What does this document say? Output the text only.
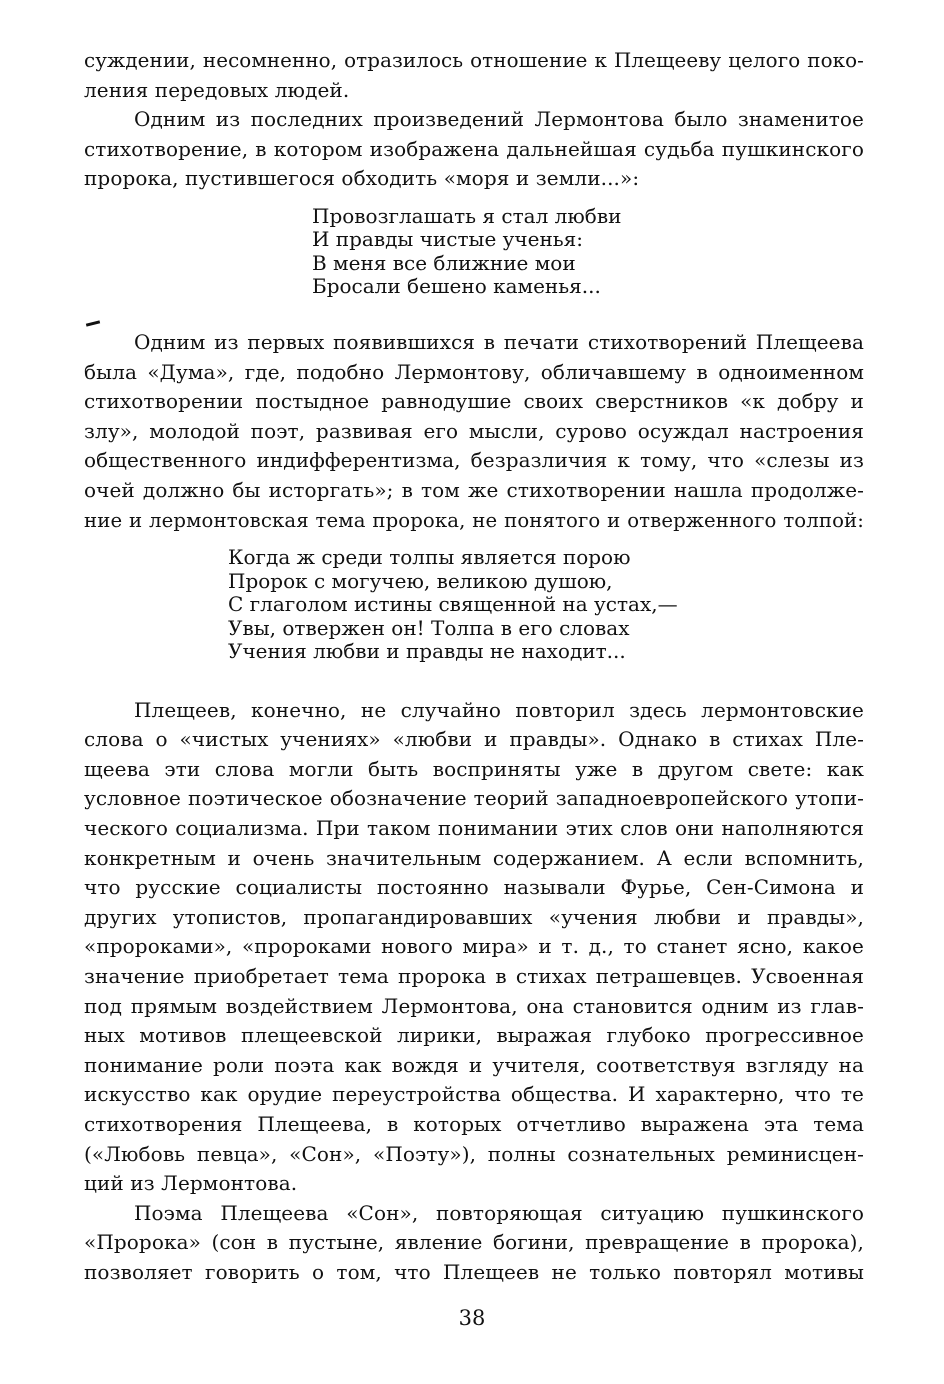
суждении, несомненно, отразилось отношение к Плещееву целого поко-
ления передовых людей.

Одним из последних произведений Лермонтова было знаменитое
стихотворение, в котором изображена дальнейшая судьба пушкинского
пророка, пустившегося обходить «моря и земли...»:

Провозглашать я стал любви
И правды чистые ученья:
В меня все ближние мои
Бросали бешено каменья...

Одним из первых появившихся в печати стихотворений Плещеева
была «Дума», где, подобно Лермонтову, обличавшему в одноименном
стихотворении постыдное равнодушие своих сверстников «к добру и
злу», молодой поэт, развивая его мысли, сурово осуждал настроения
общественного индифферентизма, безразличия к тому, что «слезы из
очей должно бы исторгать»; в том же стихотворении нашла продолже-
ние и лермонтовская тема пророка, не понятого и отверженного толпой:

Когда ж среди толпы является порою
Пророк с могучею, великою душою,
С глаголом истины священной на устах,—
Увы, отвержен он! Толпа в его словах
Учения любви и правды не находит...

Плещеев, конечно, не случайно повторил здесь лермонтовские
слова о «чистых учениях» «любви и правды». Однако в стихах Пле-
щеева эти слова могли быть восприняты уже в другом свете: как
условное поэтическое обозначение теорий западноевропейского утопи-
ческого социализма. При таком понимании этих слов они наполняются
конкретным и очень значительным содержанием. А если вспомнить,
что русские социалисты постоянно называли Фурье, Сен-Симона и
других утопистов, пропагандировавших «учения любви и правды»,
«пророками», «пророками нового мира» и т. д., то станет ясно, какое
значение приобретает тема пророка в стихах петрашевцев. Усвоенная
под прямым воздействием Лермонтова, она становится одним из глав-
ных мотивов плещеевской лирики, выражая глубоко прогрессивное
понимание роли поэта как вождя и учителя, соответствуя взгляду на
искусство как орудие переустройства общества. И характерно, что те
стихотворения Плещеева, в которых отчетливо выражена эта тема
(«Любовь певца», «Сон», «Поэту»), полны сознательных реминисцен-
ций из Лермонтова.

Поэма Плещеева «Сон», повторяющая ситуацию пушкинского
«Пророка» (сон в пустыне, явление богини, превращение в пророка),
позволяет говорить о том, что Плещеев не только повторял мотивы

38
